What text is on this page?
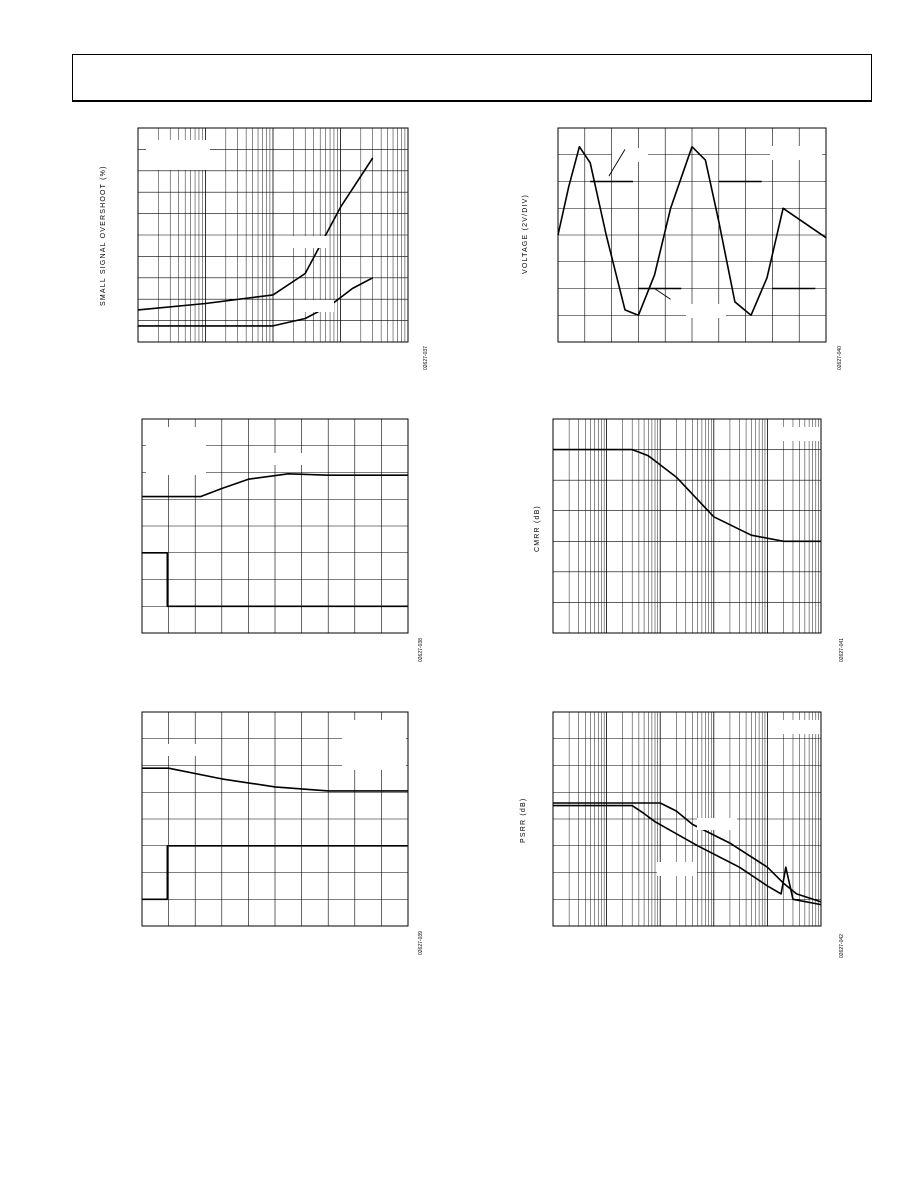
SMALL SIGNAL OVERSHOOT (%)
02627-037
VOLTAGE (2V/DIV)
02627-040
02627-038
CMRR (dB)
02627-041
02627-039
PSRR (dB)
02627-042
